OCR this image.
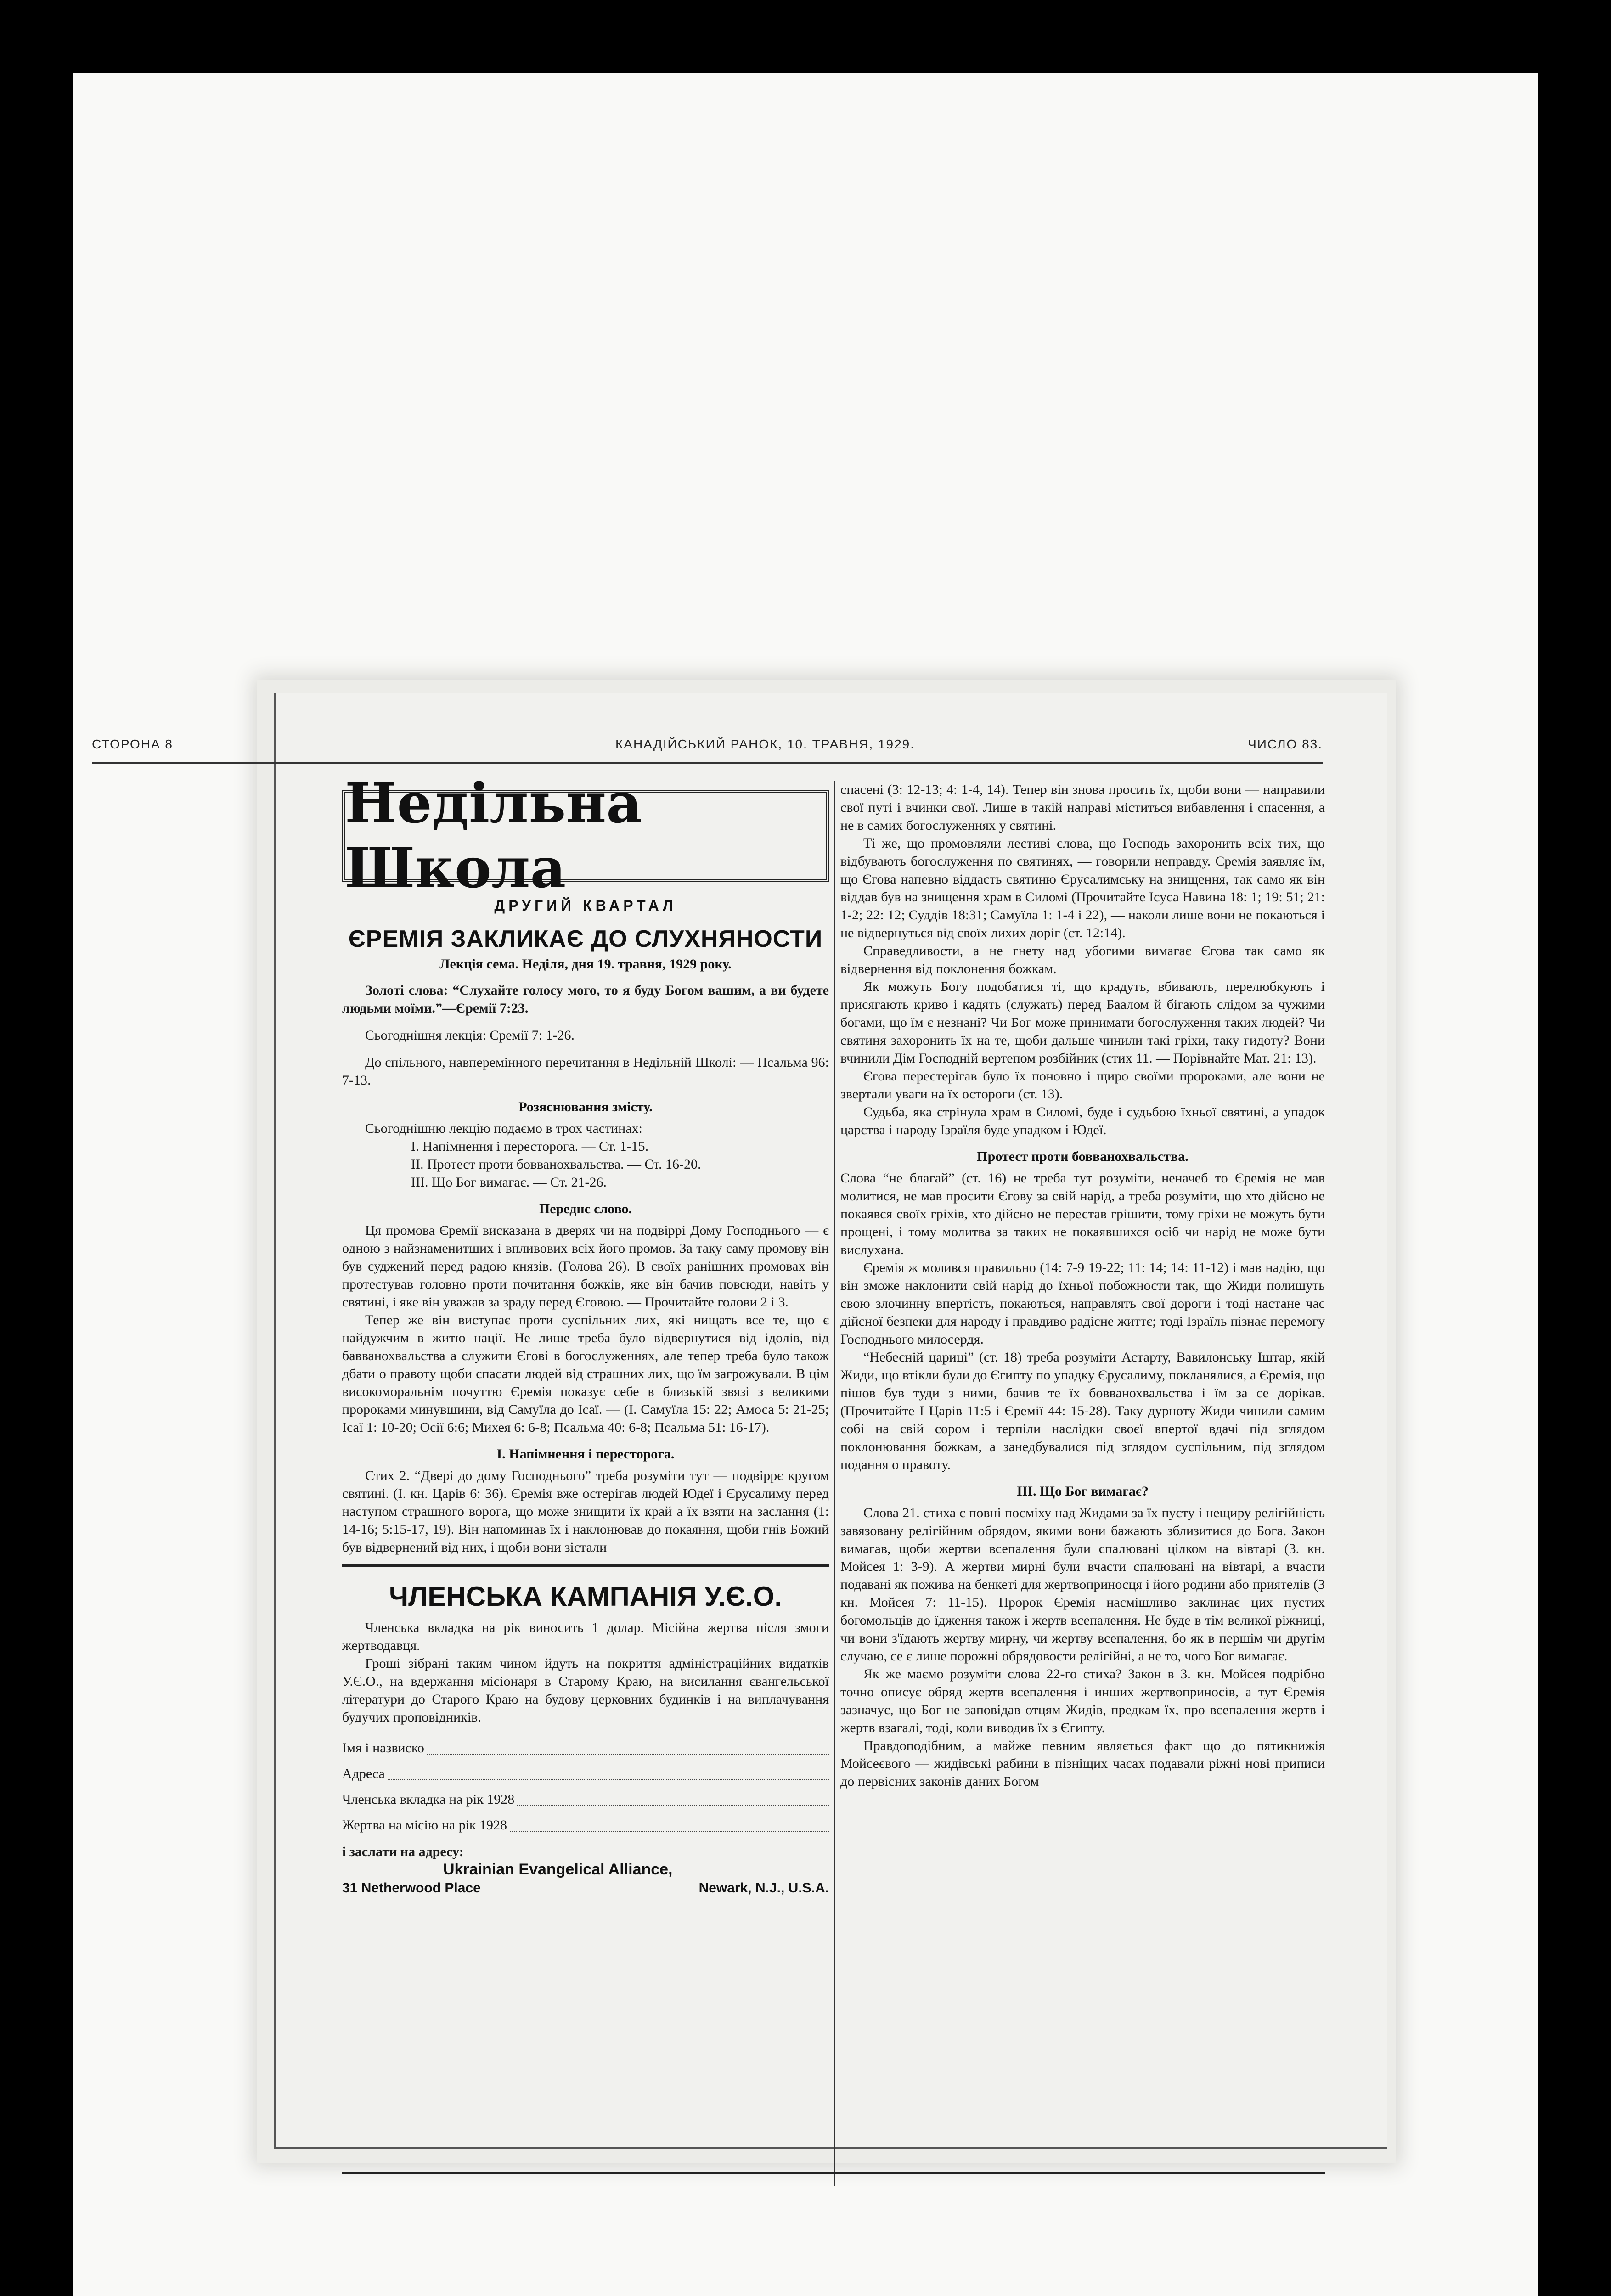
СТОРОНА 8	КАНАДІЙСЬКИЙ РАНОК, 10. ТРАВНЯ, 1929.	ЧИСЛО 83.
Недільна Школа
ДРУГИЙ КВАРТАЛ
ЄРЕМІЯ ЗАКЛИКАЄ ДО СЛУХНЯНОСТИ
Лекція сема. Неділя, дня 19. травня, 1929 року.

Золоті слова: “Слухайте голосу мого, то я буду Богом вашим, а ви будете людьми моїми.”—Єремії 7:23.

Сьогоднішня лекція: Єремії 7: 1-26.

До спільного, навперемінного перечитання в Недільній Школі: — Псальма 96: 7-13.

Розяснювання змісту.

Сьогоднішню лекцію подаємо в трох частинах:

І. Напімнення і перестоpога. — Ст. 1-15.
II. Протест проти бовванохвальства. — Ст. 16-20.
III. Що Бог вимагає. — Ст. 21-26.
Переднє слово.

Ця промова Єремії висказана в дверях чи на подвірpі Дому Господнього — є одною з найзнаменитших і впливових всіх його промов. За таку саму промову він був суджений перед радою князів. (Голова 26). В своїх ранішних промовах він протестував головно проти почитання божків, яке він бачив повсюди, навіть у святині, і яке він уважав за зраду перед Єговою. — Прочитайте голови 2 і 3.

Тепер же він виступає проти суспільних лих, які нищать все те, що є найдужчим в житю нації. Не лише треба було відвернутися від ідолів, від бавванохвальства а служити Єгові в богослуженнях, але тепер треба було також дбати о правоту щоби спасати людей від страшних лих, що їм загрожували. В цім високоморальнім почуттю Єремія показує себе в близькій звязі з великими пророками минувшини, від Самуїла до Ісаї. — (І. Самуїла 15: 22; Амоса 5: 21-25; Ісаї 1: 10-20; Осії 6:6; Михея 6: 6-8; Псальма 40: 6-8; Псальма 51: 16-17).

І. Напімнення і перестоpога.

Стих 2. “Двері до дому Господнього” треба розуміти тут — подвірpє кругом святині. (І. кн. Царів 6: 36). Єремія вже остерігав людей Юдеї і Єрусалиму перед наступом страшного ворога, що може знищити їх край а їх взяти на заслання (1: 14-16; 5:15-17, 19). Він напоминав їх і наклонював до покаяння, щоби гнів Божий був відвернений від них, і щоби вони зістали

ЧЛЕНСЬКА КАМПАНІЯ У.Є.О.

Членська вкладка на рік виносить 1 долар. Місійна жертва після змоги жертводавця.

Гроші зібрані таким чином йдуть на покриття адміністраційних видатків У.Є.О., на вдержання місіонаря в Старому Краю, на висилання євангельської літератури до Старого Краю на будову церковних будинків і на виплачування будучих пpоповідників.

Імя і назвиско
Адреса
Членська вкладка на рік 1928
Жертва на місію на рік 1928
і заслати на адресу:
Ukrainian Evangelical Alliance,
31 Netherwood Place	Newark, N.J., U.S.A.

спасені (3: 12-13; 4: 1-4, 14). Тепер він знова просить їх, щоби вони — направили свої путі і вчинки свої. Лише в такій направі міститься вибавлення і спасення, а не в самих богослуженнях у святині.

Ті же, що промовляли лестиві слова, що Господь захоронить всіх тих, що відбувають богослуження по святинях, — говорили неправду. Єремія заявляє їм, що Єгова напевно віддасть святиню Єрусалимську на знищення, так само як він віддав був на знищення храм в Силомі (Прочитайте Ісуса Навина 18: 1; 19: 51; 21: 1-2; 22: 12; Суддів 18:31; Самуїла 1: 1-4 і 22), — наколи лише вони не покаються і не відвернуться від своїх лихих доріг (ст. 12:14).

Справедливости, а не гнету над убогими вимагає Єгова так само як відвернення від поклонення божкам.

Як можуть Богу подобатися ті, що крадуть, вбивають, перелюбкують і присягають криво і кадять (служать) перед Баалом й бігають слідом за чужими богами, що їм є незнані? Чи Бог може принимати богослуження таких людей? Чи святиня захоронить їх на те, щоби дальше чинили такі гріхи, таку гидоту? Вони вчинили Дім Господній вертепом розбійник (стих 11. — Порівнайте Мат. 21: 13).

Єгова перестерігав було їх поновно і щиро своїми пророками, але вони не звертали уваги на їх остороги (ст. 13).

Судьба, яка стрінула храм в Силомі, буде і судьбою їхньої святині, а упадок царства і народу Ізраїля буде упадком і Юдеї.

Протест проти бовванохвальства.

Слова “не благай” (ст. 16) не треба тут розуміти, неначеб то Єремія не мав молитися, не мав просити Єгову за свій нарід, а треба розуміти, що хто дійсно не покаявся своїх гріхів, хто дійсно не перестав грішити, тому гріхи не можуть бути прощені, і тому молитва за таких не покаявшихся осіб чи нарід не може бути вислухана.

Єремія ж молився правильно (14: 7-9 19-22; 11: 14; 14: 11-12) і мав надію, що він зможе наклонити свій нарід до їхньої побожности так, що Жиди полишуть свою злочинну впертість, покаються, направлять свої дороги і тоді настане час дійсної безпеки для народу і правдиво радісне життє; тоді Ізраїль пізнає перемогу Господнього милосердя.

“Небесній цариці” (ст. 18) треба розуміти Астарту, Вавилонську Іштар, якій Жиди, що втікли були до Єгипту по упадку Єрусалиму, покланялися, а Єремія, що пішов був туди з ними, бачив те їх бовванохвальства і їм за се дорікав. (Прочитайте І Царів 11:5 і Єремії 44: 15-28). Таку дурноту Жиди чинили самим собі на свій сором і терпіли наслідки своєї впертої вдачі під зглядом поклонювання божкам, а занедбувалися під зглядом суспільним, під зглядом подання о правоту.

III. Що Бог вимагає?

Слова 21. стиха є повні посміху над Жидами за їх пусту і нещиру релігійність завязовану релігійним обрядом, якими вони бажають зблизитися до Бога. Закон вимагав, щоби жертви всепалення були спалювані цілком на вівтарі (3. кн. Мойсея 1: 3-9). А жертви мирні були вчасти спалювані на вівтарі, а вчасти подавані як пожива на бенкеті для жертвоприносця і його родини або приятелів (3 кн. Мойсея 7: 11-15). Пророк Єремія насмішливо заклинає цих пустих богомольців до їдження також і жертв всепалення. Не буде в тім великої ріжниці, чи вони з'їдають жертву мирну, чи жертву всепалення, бо як в першім чи другім случаю, се є лише порожні обрядовости релігійні, а не то, чого Бог вимагає.

Як же маємо розуміти слова 22-го стиха? Закон в 3. кн. Мойсея подрібно точно описує обряд жертв всепалення і инших жертвоприносів, а тут Єремія зазначує, що Бог не заповідав отцям Жидів, предкам їх, про всепалення жертв і жертв взагалі, тоді, коли виводив їх з Єгипту.

Правдоподібним, а майже певним являється факт що до пятикнижія Мойсеєвого — жидівські рабини в пізніщих часах подавали ріжні нові приписи до первісних законів даних Богом
